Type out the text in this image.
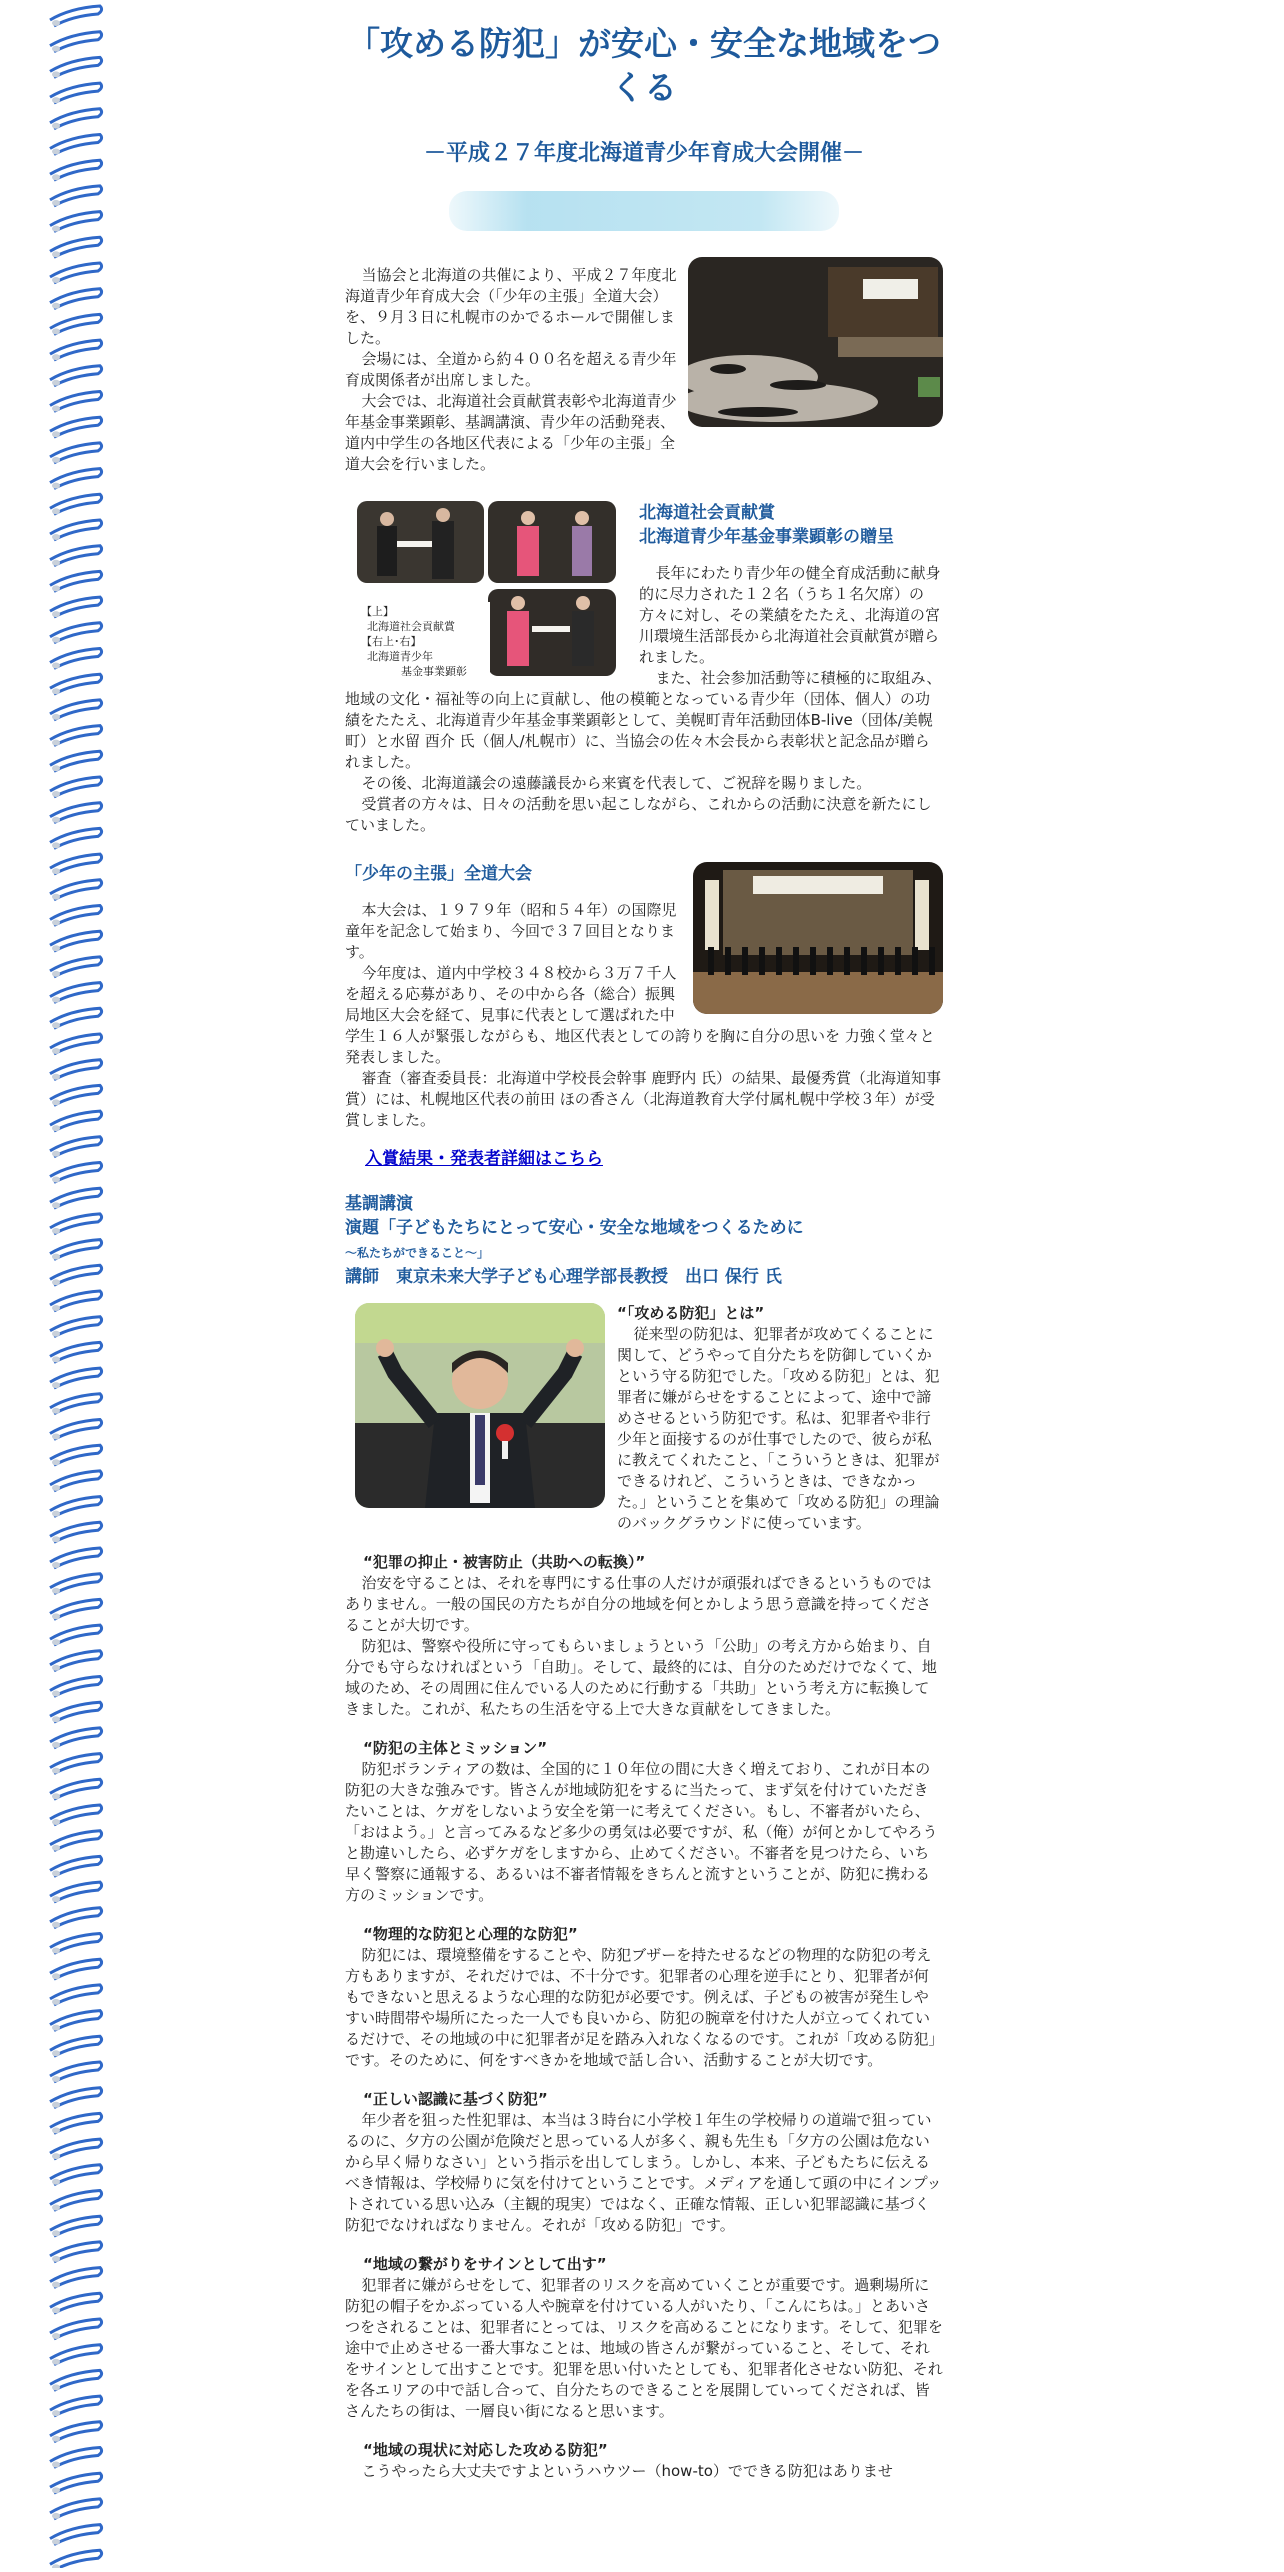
「攻める防犯」が安心・安全な地域をつくる
－平成２７年度北海道青少年育成大会開催－

当協会と北海道の共催により、平成２７年度北海道青少年育成大会（「少年の主張」全道大会）を、９月３日に札幌市のかでるホールで開催しました。

会場には、全道から約４００名を超える青少年育成関係者が出席しました。

大会では、北海道社会貢献賞表彰や北海道青少年基金事業顕彰、基調講演、青少年の活動発表、道内中学生の各地区代表による「少年の主張」全道大会を行いました。

【上】
北海道社会貢献賞
【右上･右】
北海道青少年
基金事業顕彰
北海道社会貢献賞
北海道青少年基金事業顕彰の贈呈

長年にわたり青少年の健全育成活動に献身的に尽力された１２名（うち１名欠席）の方々に対し、その業績をたたえ、北海道の宮川環境生活部長から北海道社会貢献賞が贈られました。

また、社会参加活動等に積極的に取組み、地域の文化・福祉等の向上に貢献し、他の模範となっている青少年（団体、個人）の功績をたたえ、北海道青少年基金事業顕彰として、美幌町青年活動団体B-live（団体/美幌町）と水留 酉介 氏（個人/札幌市）に、当協会の佐々木会長から表彰状と記念品が贈られました。

その後、北海道議会の遠藤議長から来賓を代表して、ご祝辞を賜りました。

受賞者の方々は、日々の活動を思い起こしながら、これからの活動に決意を新たにしていました。

「少年の主張」全道大会

本大会は、１９７９年（昭和５４年）の国際児童年を記念して始まり、今回で３７回目となります。

今年度は、道内中学校３４８校から３万７千人を超える応募があり、その中から各（総合）振興局地区大会を経て、見事に代表として選ばれた中学生１６人が緊張しながらも、地区代表としての誇りを胸に自分の思いを 力強く堂々と発表しました。

審査（審査委員長：北海道中学校長会幹事 鹿野内 氏）の結果、最優秀賞（北海道知事賞）には、札幌地区代表の前田 ほの香さん（北海道教育大学付属札幌中学校３年）が受賞しました。

入賞結果・発表者詳細はこちら
基調講演
演題「子どもたちにとって安心・安全な地域をつくるために～私たちができること～」
講師　東京未来大学子ども心理学部長教授　出口 保行 氏
“「攻める防犯」とは”

従来型の防犯は、犯罪者が攻めてくることに関して、どうやって自分たちを防御していくかという守る防犯でした。「攻める防犯」とは、犯罪者に嫌がらせをすることによって、途中で諦めさせるという防犯です。私は、犯罪者や非行少年と面接するのが仕事でしたので、彼らが私に教えてくれたこと、「こういうときは、犯罪ができるけれど、こういうときは、できなかった。」ということを集めて「攻める防犯」の理論のバックグラウンドに使っています。

“犯罪の抑止・被害防止（共助への転換）”

治安を守ることは、それを専門にする仕事の人だけが頑張ればできるというものではありません。一般の国民の方たちが自分の地域を何とかしよう思う意識を持ってくださることが大切です。

防犯は、警察や役所に守ってもらいましょうという「公助」の考え方から始まり、自分でも守らなければという「自助」。そして、最終的には、自分のためだけでなくて、地域のため、その周囲に住んでいる人のために行動する「共助」という考え方に転換してきました。これが、私たちの生活を守る上で大きな貢献をしてきました。

“防犯の主体とミッション”

防犯ボランティアの数は、全国的に１０年位の間に大きく増えており、これが日本の防犯の大きな強みです。皆さんが地域防犯をするに当たって、まず気を付けていただきたいことは、ケガをしないよう安全を第一に考えてください。もし、不審者がいたら、「おはよう。」と言ってみるなど多少の勇気は必要ですが、私（俺）が何とかしてやろうと勘違いしたら、必ずケガをしますから、止めてください。不審者を見つけたら、いち早く警察に通報する、あるいは不審者情報をきちんと流すということが、防犯に携わる方のミッションです。

“物理的な防犯と心理的な防犯”

防犯には、環境整備をすることや、防犯ブザーを持たせるなどの物理的な防犯の考え方もありますが、それだけでは、不十分です。犯罪者の心理を逆手にとり、犯罪者が何もできないと思えるような心理的な防犯が必要です。例えば、子どもの被害が発生しやすい時間帯や場所にたった一人でも良いから、防犯の腕章を付けた人が立ってくれているだけで、その地域の中に犯罪者が足を踏み入れなくなるのです。これが「攻める防犯」です。そのために、何をすべきかを地域で話し合い、活動することが大切です。

“正しい認識に基づく防犯”

年少者を狙った性犯罪は、本当は３時台に小学校１年生の学校帰りの道端で狙っているのに、夕方の公園が危険だと思っている人が多く、親も先生も「夕方の公園は危ないから早く帰りなさい」という指示を出してしまう。しかし、本来、子どもたちに伝えるべき情報は、学校帰りに気を付けてということです。メディアを通して頭の中にインプットされている思い込み（主観的現実）ではなく、正確な情報、正しい犯罪認識に基づく防犯でなければなりません。それが「攻める防犯」です。

“地域の繋がりをサインとして出す”

犯罪者に嫌がらせをして、犯罪者のリスクを高めていくことが重要です。過剰場所に防犯の帽子をかぶっている人や腕章を付けている人がいたり、「こんにちは。」とあいさつをされることは、犯罪者にとっては、リスクを高めることになります。そして、犯罪を途中で止めさせる一番大事なことは、地域の皆さんが繋がっていること、そして、それをサインとして出すことです。犯罪を思い付いたとしても、犯罪者化させない防犯、それを各エリアの中で話し合って、自分たちのできることを展開していってくだされば、皆さんたちの街は、一層良い街になると思います。

“地域の現状に対応した攻める防犯”

こうやったら大丈夫ですよというハウツー（how-to）でできる防犯はありませ
